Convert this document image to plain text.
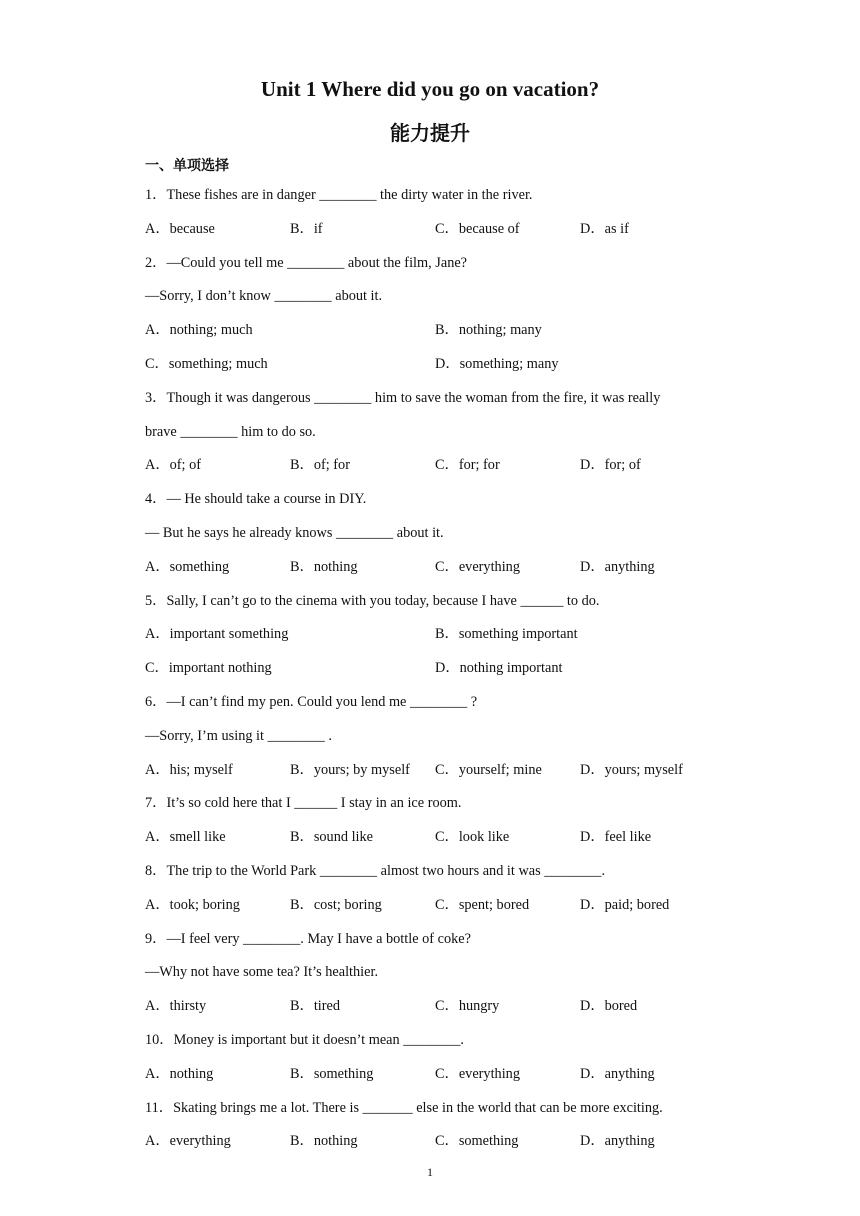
Unit 1 Where did you go on vacation?
能力提升
一、单项选择
1．These fishes are in danger ________ the dirty water in the river.
A．because	B．if	C．because of	D．as if
2．—Could you tell me ________ about the film, Jane?
—Sorry, I don’t know ________ about it.
A．nothing; much	B．nothing; many
C．something; much	D．something; many
3．Though it was dangerous ________ him to save the woman from the fire, it was really
brave ________ him to do so.
A．of; of	B．of; for	C．for; for	D．for; of
4．― He should take a course in DIY.
― But he says he already knows ________ about it.
A．something	B．nothing	C．everything	D．anything
5．Sally, I can’t go to the cinema with you today, because I have ______ to do.
A．important something	B．something important
C．important nothing	D．nothing important
6．—I can’t find my pen. Could you lend me ________ ?
—Sorry, I’m using it ________ .
A．his; myself	B．yours; by myself	C．yourself; mine	D．yours; myself
7．It’s so cold here that I ______ I stay in an ice room.
A．smell like	B．sound like	C．look like	D．feel like
8．The trip to the World Park ________ almost two hours and it was ________.
A．took; boring	B．cost; boring	C．spent; bored	D．paid; bored
9．—I feel very ________. May I have a bottle of coke?
—Why not have some tea? It’s healthier.
A．thirsty	B．tired	C．hungry	D．bored
10．Money is important but it doesn’t mean ________.
A．nothing	B．something	C．everything	D．anything
11．Skating brings me a lot. There is _______ else in the world that can be more exciting.
A．everything	B．nothing	C．something	D．anything
1
